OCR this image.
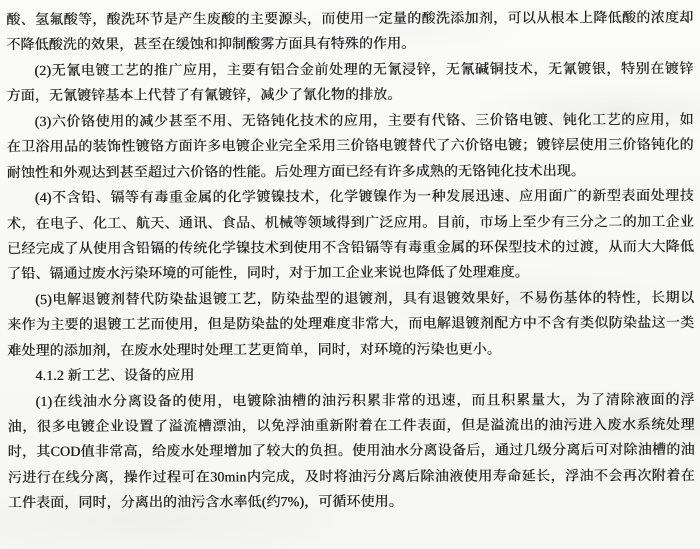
酸、氢氟酸等，酸洗环节是产生废酸的主要源头，而使用一定量的酸洗添加剂，可以从根本上降低酸的浓度却
不降低酸洗的效果，甚至在缓蚀和抑制酸雾方面具有特殊的作用。
(2)无氰电镀工艺的推广应用，主要有铝合金前处理的无氰浸锌，无氰碱铜技术，无氰镀银，特别在镀锌
方面，无氰镀锌基本上代替了有氰镀锌，减少了氰化物的排放。
(3)六价铬使用的减少甚至不用、无铬钝化技术的应用，主要有代铬、三价铬电镀、钝化工艺的应用，如
在卫浴用品的装饰性镀铬方面许多电镀企业完全采用三价铬电镀替代了六价铬电镀；镀锌层使用三价铬钝化的
耐蚀性和外观达到甚至超过六价铬的性能。后处理方面已经有许多成熟的无铬钝化技术出现。
(4)不含铅、镉等有毒重金属的化学镀镍技术，化学镀镍作为一种发展迅速、应用面广的新型表面处理技
术，在电子、化工、航天、通讯、食品、机械等领域得到广泛应用。目前，市场上至少有三分之二的加工企业
已经完成了从使用含铅镉的传统化学镍技术到使用不含铅镉等有毒重金属的环保型技术的过渡，从而大大降低
了铅、镉通过废水污染环境的可能性，同时，对于加工企业来说也降低了处理难度。
(5)电解退镀剂替代防染盐退镀工艺，防染盐型的退镀剂，具有退镀效果好，不易伤基体的特性，长期以
来作为主要的退镀工艺而使用，但是防染盐的处理难度非常大，而电解退镀剂配方中不含有类似防染盐这一类
难处理的添加剂，在废水处理时处理工艺更简单，同时，对环境的污染也更小。
4.1.2 新工艺、设备的应用
(1)在线油水分离设备的使用，电镀除油槽的油污积累非常的迅速，而且积累量大，为了清除液面的浮
油，很多电镀企业设置了溢流槽漂油，以免浮油重新附着在工件表面，但是溢流出的油污进入废水系统处理
时，其COD值非常高，给废水处理增加了较大的负担。使用油水分离设备后，通过几级分离后可对除油槽的油
污进行在线分离，操作过程可在30min内完成，及时将油污分离后除油液使用寿命延长，浮油不会再次附着在
工件表面，同时，分离出的油污含水率低(约7%)，可循环使用。
